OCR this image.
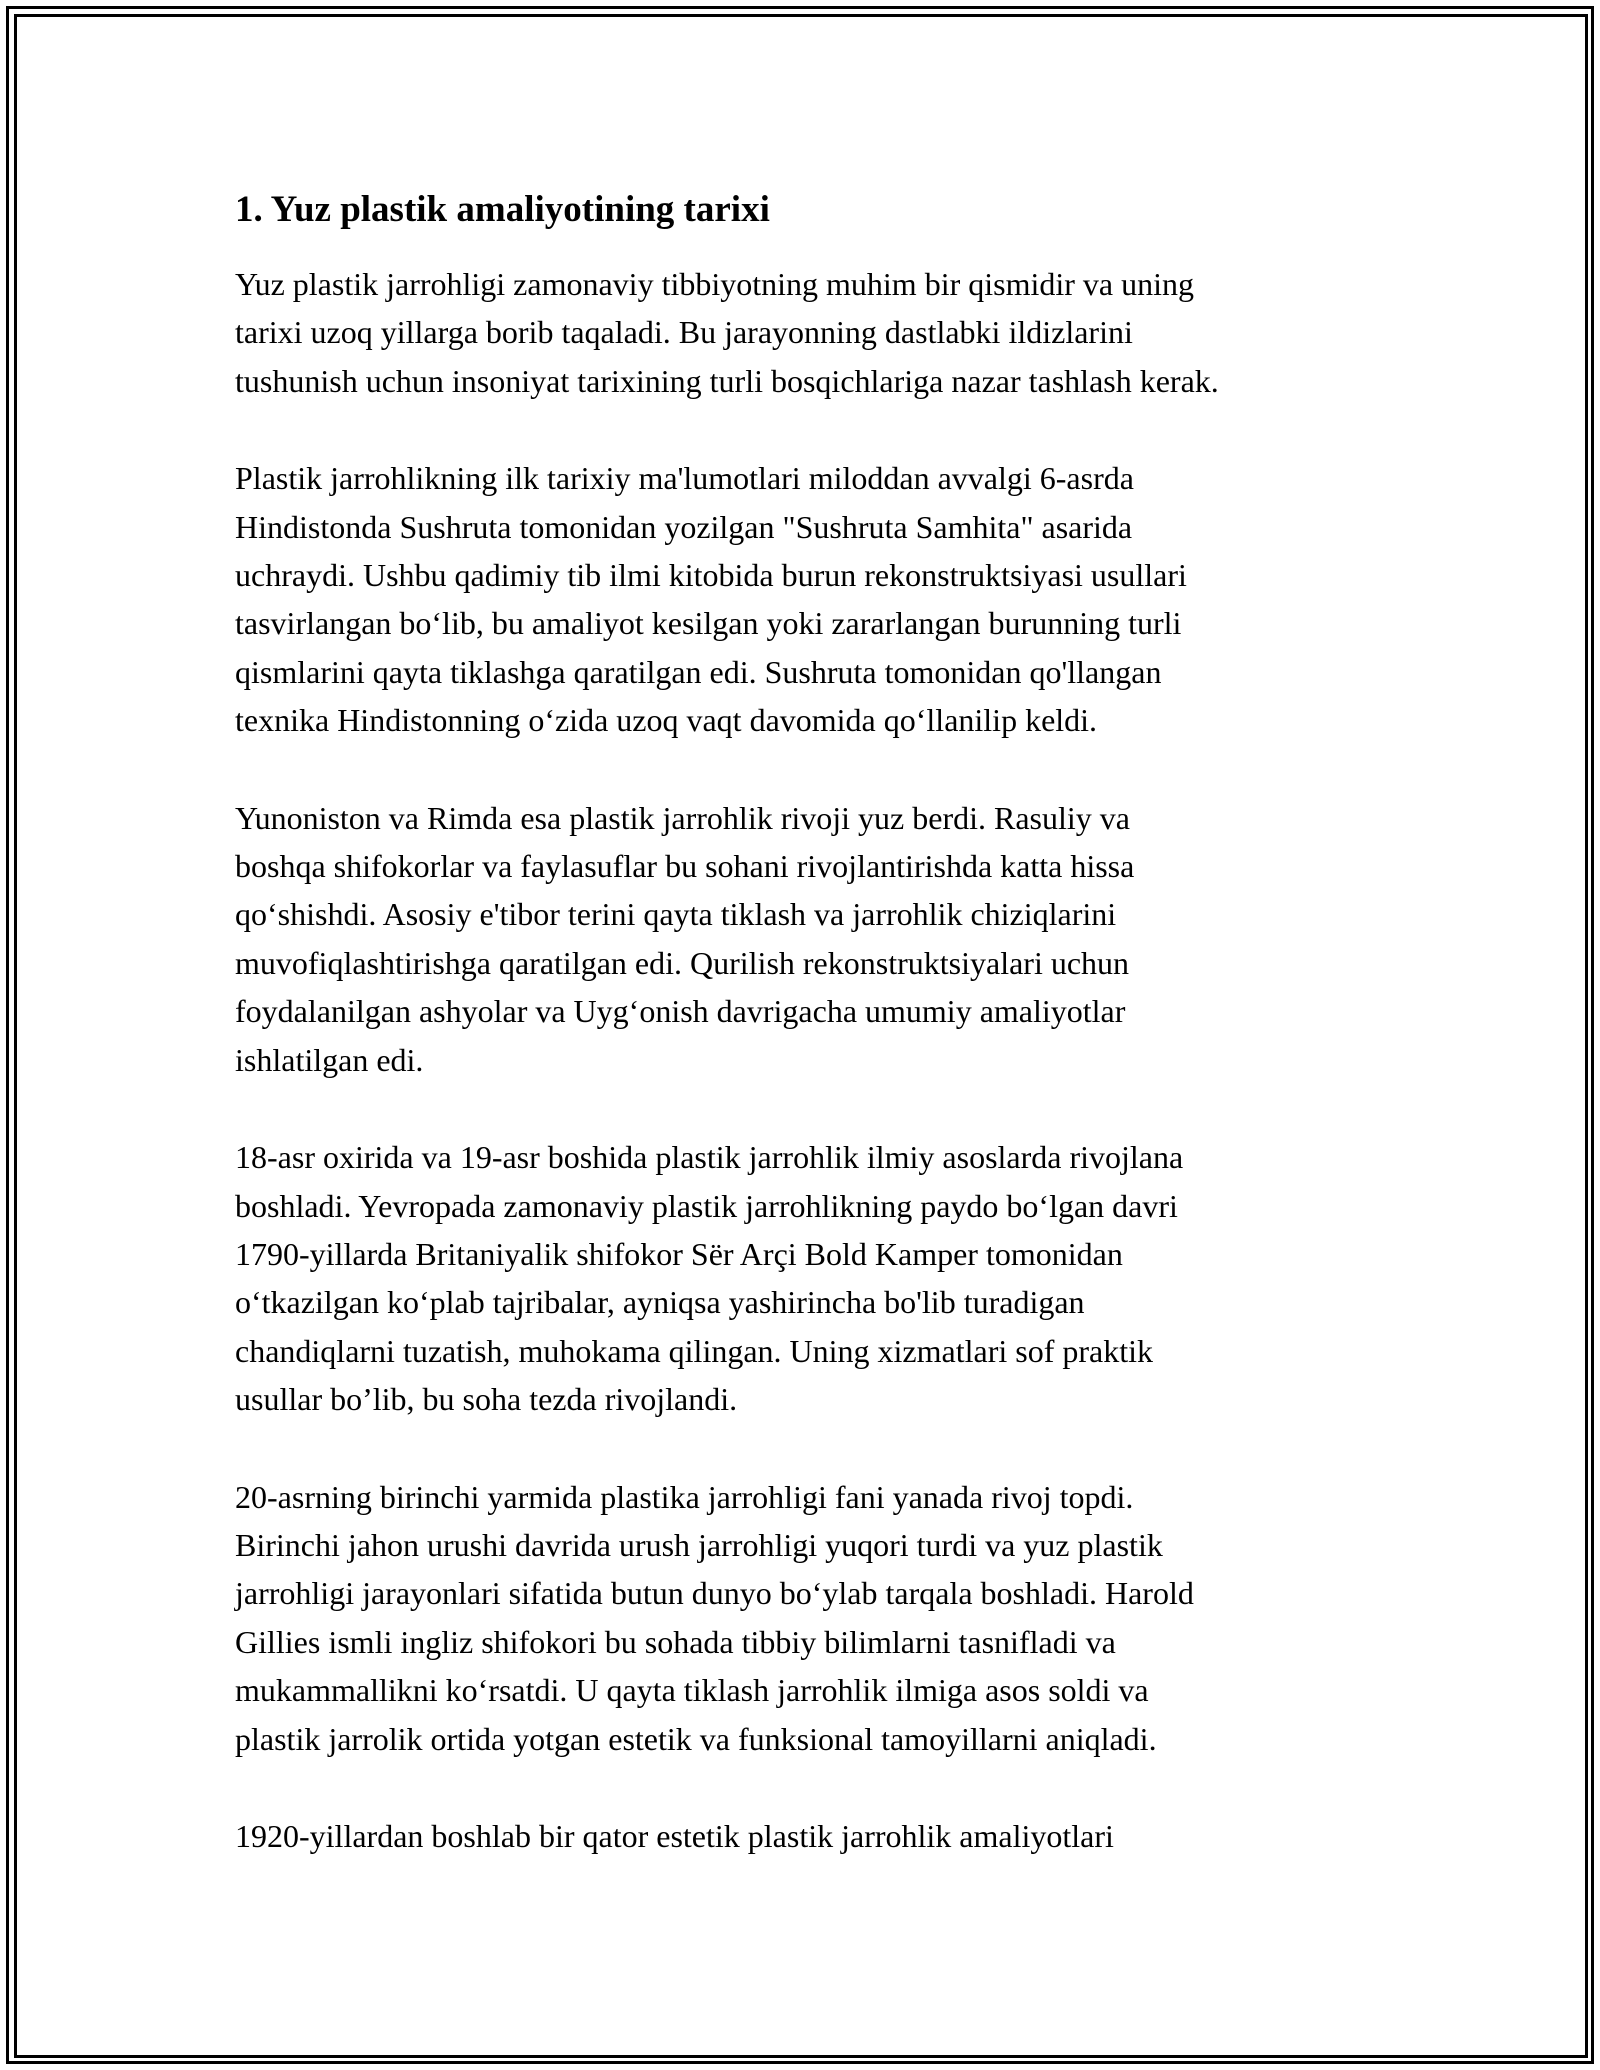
1. Yuz plastik amaliyotining tarixi

Yuz plastik jarrohligi zamonaviy tibbiyotning muhim bir qismidir va uning
tarixi uzoq yillarga borib taqaladi. Bu jarayonning dastlabki ildizlarini
tushunish uchun insoniyat tarixining turli bosqichlariga nazar tashlash kerak.

Plastik jarrohlikning ilk tarixiy ma'lumotlari miloddan avvalgi 6-asrda
Hindistonda Sushruta tomonidan yozilgan "Sushruta Samhita" asarida
uchraydi. Ushbu qadimiy tib ilmi kitobida burun rekonstruktsiyasi usullari
tasvirlangan bo‘lib, bu amaliyot kesilgan yoki zararlangan burunning turli
qismlarini qayta tiklashga qaratilgan edi. Sushruta tomonidan qo'llangan
texnika Hindistonning o‘zida uzoq vaqt davomida qo‘llanilip keldi.

Yunoniston va Rimda esa plastik jarrohlik rivoji yuz berdi. Rasuliy va
boshqa shifokorlar va faylasuflar bu sohani rivojlantirishda katta hissa
qo‘shishdi. Asosiy e'tibor terini qayta tiklash va jarrohlik chiziqlarini
muvofiqlashtirishga qaratilgan edi. Qurilish rekonstruktsiyalari uchun
foydalanilgan ashyolar va Uyg‘onish davrigacha umumiy amaliyotlar
ishlatilgan edi.

18-asr oxirida va 19-asr boshida plastik jarrohlik ilmiy asoslarda rivojlana
boshladi. Yevropada zamonaviy plastik jarrohlikning paydo bo‘lgan davri
1790-yillarda Britaniyalik shifokor Sër Arçi Bold Kamper tomonidan
o‘tkazilgan ko‘plab tajribalar, ayniqsa yashirincha bo'lib turadigan
chandiqlarni tuzatish, muhokama qilingan. Uning xizmatlari sof praktik
usullar bo’lib, bu soha tezda rivojlandi.

20-asrning birinchi yarmida plastika jarrohligi fani yanada rivoj topdi.
Birinchi jahon urushi davrida urush jarrohligi yuqori turdi va yuz plastik
jarrohligi jarayonlari sifatida butun dunyo bo‘ylab tarqala boshladi. Harold
Gillies ismli ingliz shifokori bu sohada tibbiy bilimlarni tasnifladi va
mukammallikni ko‘rsatdi. U qayta tiklash jarrohlik ilmiga asos soldi va
plastik jarrolik ortida yotgan estetik va funksional tamoyillarni aniqladi.

1920-yillardan boshlab bir qator estetik plastik jarrohlik amaliyotlari
